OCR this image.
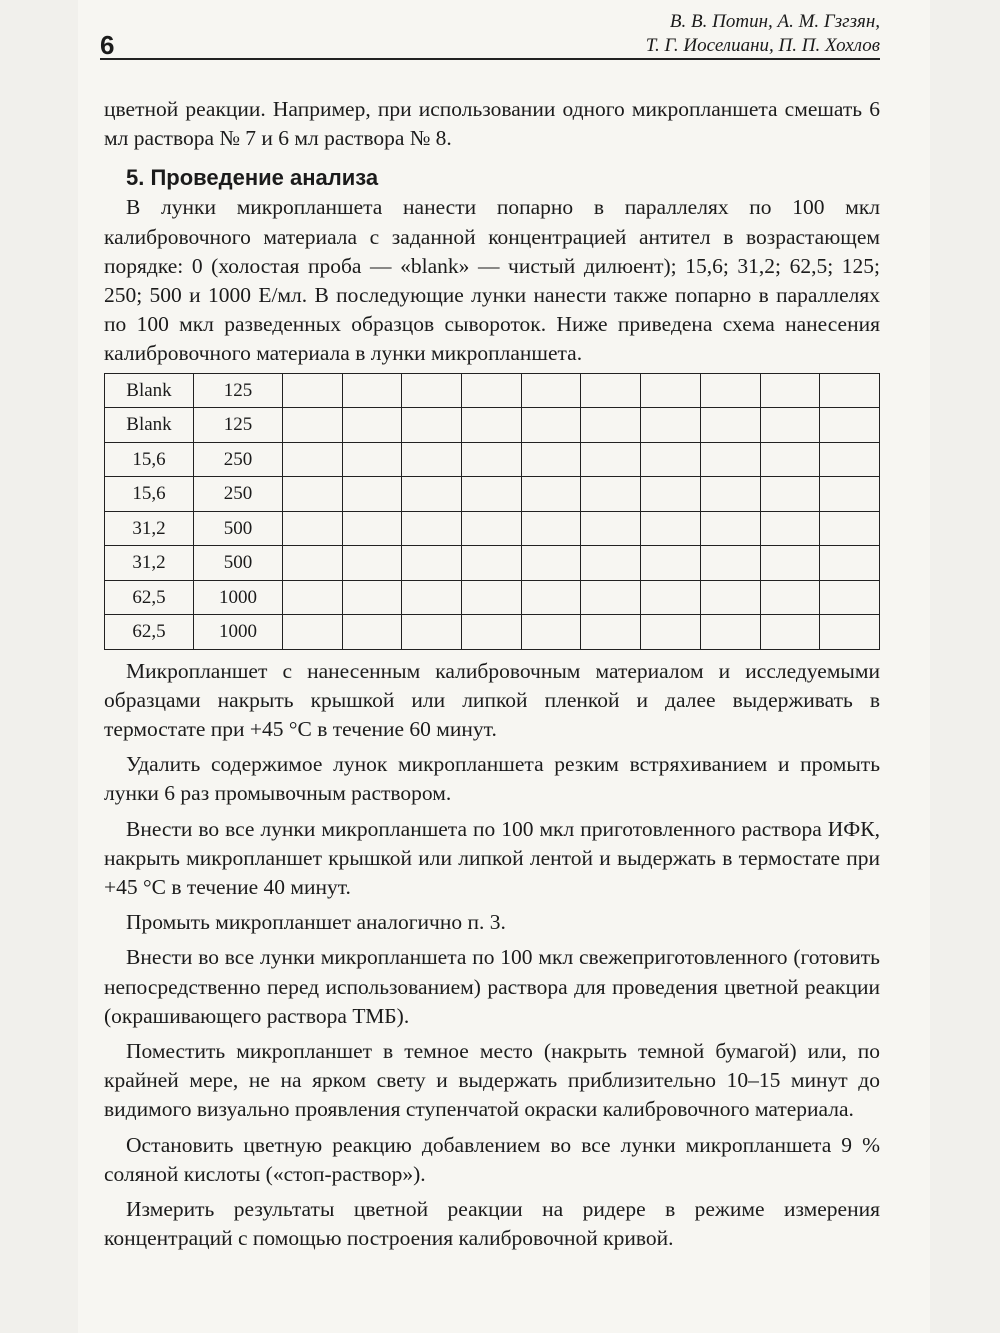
6
В. В. Потин, А. М. Гзгзян,
Т. Г. Иоселиани, П. П. Хохлов

цветной реакции. Например, при использовании одного микропланшета смешать 6 мл раствора № 7 и 6 мл раствора № 8.

5. Проведение анализа

В лунки микропланшета нанести попарно в параллелях по 100 мкл калибровочного материала с заданной концентрацией антител в возрастающем порядке: 0 (холостая проба — «blank» — чистый дилюент); 15,6; 31,2; 62,5; 125; 250; 500 и 1000 Е/мл. В последующие лунки нанести также попарно в параллелях по 100 мкл разведенных образцов сывороток. Ниже приведена схема нанесения калибровочного материала в лунки микропланшета.

Blank	125										
Blank	125										
15,6	250										
15,6	250										
31,2	500										
31,2	500										
62,5	1000										
62,5	1000										

Микропланшет с нанесенным калибровочным материалом и исследуемыми образцами накрыть крышкой или липкой пленкой и далее выдерживать в термостате при +45 °С в течение 60 минут.

Удалить содержимое лунок микропланшета резким встряхиванием и промыть лунки 6 раз промывочным раствором.

Внести во все лунки микропланшета по 100 мкл приготовленного раствора ИФК, накрыть микропланшет крышкой или липкой лентой и выдержать в термостате при +45 °С в течение 40 минут.

Промыть микропланшет аналогично п. 3.

Внести во все лунки микропланшета по 100 мкл свежеприготовленного (готовить непосредственно перед использованием) раствора для проведения цветной реакции (окрашивающего раствора ТМБ).

Поместить микропланшет в темное место (накрыть темной бумагой) или, по крайней мере, не на ярком свету и выдержать приблизительно 10–15 минут до видимого визуально проявления ступенчатой окраски калибровочного материала.

Остановить цветную реакцию добавлением во все лунки микропланшета 9 % соляной кислоты («стоп-раствор»).

Измерить результаты цветной реакции на ридере в режиме измерения концентраций с помощью построения калибровочной кривой.
